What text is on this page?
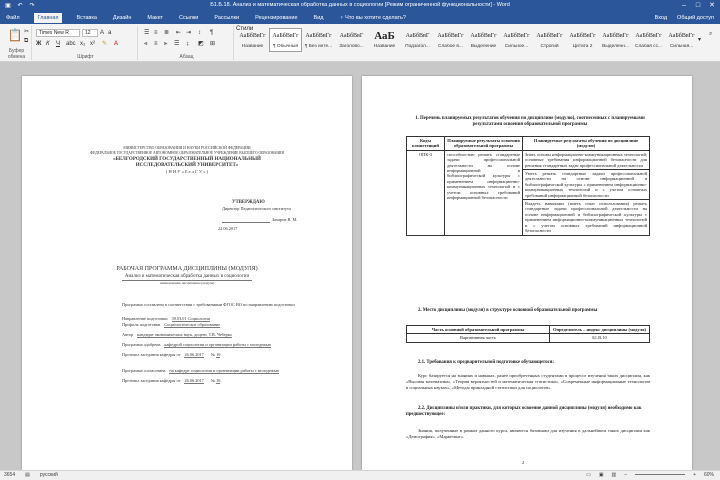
▣ ↶ ↷	Б1.Б.18. Анализ и математическая обработка данных в социологии [Режим ограниченной функциональности] - Word	–	□	✕
Файл	Главная	Вставка	Дизайн	Макет	Ссылки	Рассылки	Рецензирование	Вид	♀ Что вы хотите сделать?	Вход Общий доступ
📋 ✂
⧉
Буфер обмена
Times New R	12	A a
Ж К Ч abc x₂ x² ✎ A
Шрифт
☰ ≡ ≣ ⇤ ⇥ ↕ ¶
⫷ ≡ ⫸ ☰ ↨ ◩ ⊞
Абзац
АаБбВвГг
Название
АаБбВвГг
¶ Обычный
АаБбВвГг
¶ Без инте...
АаБбВвГ
Заголово...
АаБ
Название
АаБбВвГ
Подзагол...
АаБбВвГг
Слабое в...
АаБбВвГг
Выделение
АаБбВвГг
Сильное...
АаБбВвГг
Строгий
АаБбВвГг
Цитата 2
АаБбВвГг
Выделенн...
АаБбВвГг
Слабая сс...
АаБбВвГг
Сильная...
▾
Стили
⌕
МИНИСТЕРСТВО ОБРАЗОВАНИЯ И НАУКИ РОССИЙСКОЙ ФЕДЕРАЦИИ
ФЕДЕРАЛЬНОЕ ГОСУДАРСТВЕННОЕ АВТОНОМНОЕ ОБРАЗОВАТЕЛЬНОЕ УЧРЕЖДЕНИЕ ВЫСШЕГО ОБРАЗОВАНИЯ
«БЕЛГОРОДСКИЙ ГОСУДАРСТВЕННЫЙ НАЦИОНАЛЬНЫЙ
ИССЛЕДОВАТЕЛЬСКИЙ УНИВЕРСИТЕТ»
( Н И У « Б е л Г У » )
УТВЕРЖДАЮ
Директор Педагогического института
Захаров В. М.
22.06.2017
РАБОЧАЯ ПРОГРАММА ДИСЦИПЛИНЫ (МОДУЛЯ)
Анализ и математическая обработка данных в социологии
наименование дисциплины (модуля)
Программа составлена в соответствии с требованиями ФГОС ВО по направлению подготовки
Направление подготовки 39.03.01 Социология
Профиль подготовки Социологическое образование
Автор кандидат экономических наук, доцент, Т.В. Чеберко
Программа одобрена кафедрой социологии и организации работы с молодежью
Протокол заседания кафедры от 26.06.2017 № 16
Программа согласована на кафедре социологии и организации работы с молодежью
Протокол заседания кафедры от 26.06.2017 № 16
1. Перечень планируемых результатов обучения по дисциплине (модулю), соотнесенных с планируемыми результатами освоения образовательной программы
Коды компетенций	Планируемые результаты освоения образовательной программы	Планируемые результаты обучения по дисциплине (модулю)
ОПК-3	способностью решать стандартные задачи профессиональной деятельности на основе информационной и библиографической культуры с применением информационно-коммуникационных технологий и с учетом основных требований информационной безопасности	Знать основы информационно-коммуникационных технологий, основные требования информационной безопасности для решения стандартных задач профессиональной деятельности
		Уметь решать стандартные задачи профессиональной деятельности на основе информационной и библиографической культуры с применением информационно-коммуникационных технологий и с учетом основных требований информационной безопасности
		Владеть навыками (иметь опыт использования) решать стандартные задачи профессиональной деятельности на основе информационной и библиографической культуры с применением информационно-коммуникационных технологий и с учетом основных требований информационной безопасности
2. Место дисциплины (модуля) в структуре основной образовательной программы
Часть основной образовательной программы	Определитель – индекс дисциплины (модуля)
Вариативная часть	Б1.В.10
2.1. Требования к предварительной подготовке обучающегося:
Курс базируется на знаниях и навыках, ранее приобретенных студентами в процессе изучения таких дисциплин, как «Высшая математика», «Теория вероятностей и математическая статистика», «Современные информационные технологии в социальных науках», «Методы прикладной статистики для социологов».
2.2. Дисциплины и/или практики, для которых освоение данной дисциплины (модуля) необходимо как предшествующее:
Знания, полученные в рамках данного курса, являются базовыми для изучения в дальнейшем таких дисциплин как «Демография», «Маркетинг».
2
3654 ▤ русский	▭ ▣ ▥ –	+ 60%
